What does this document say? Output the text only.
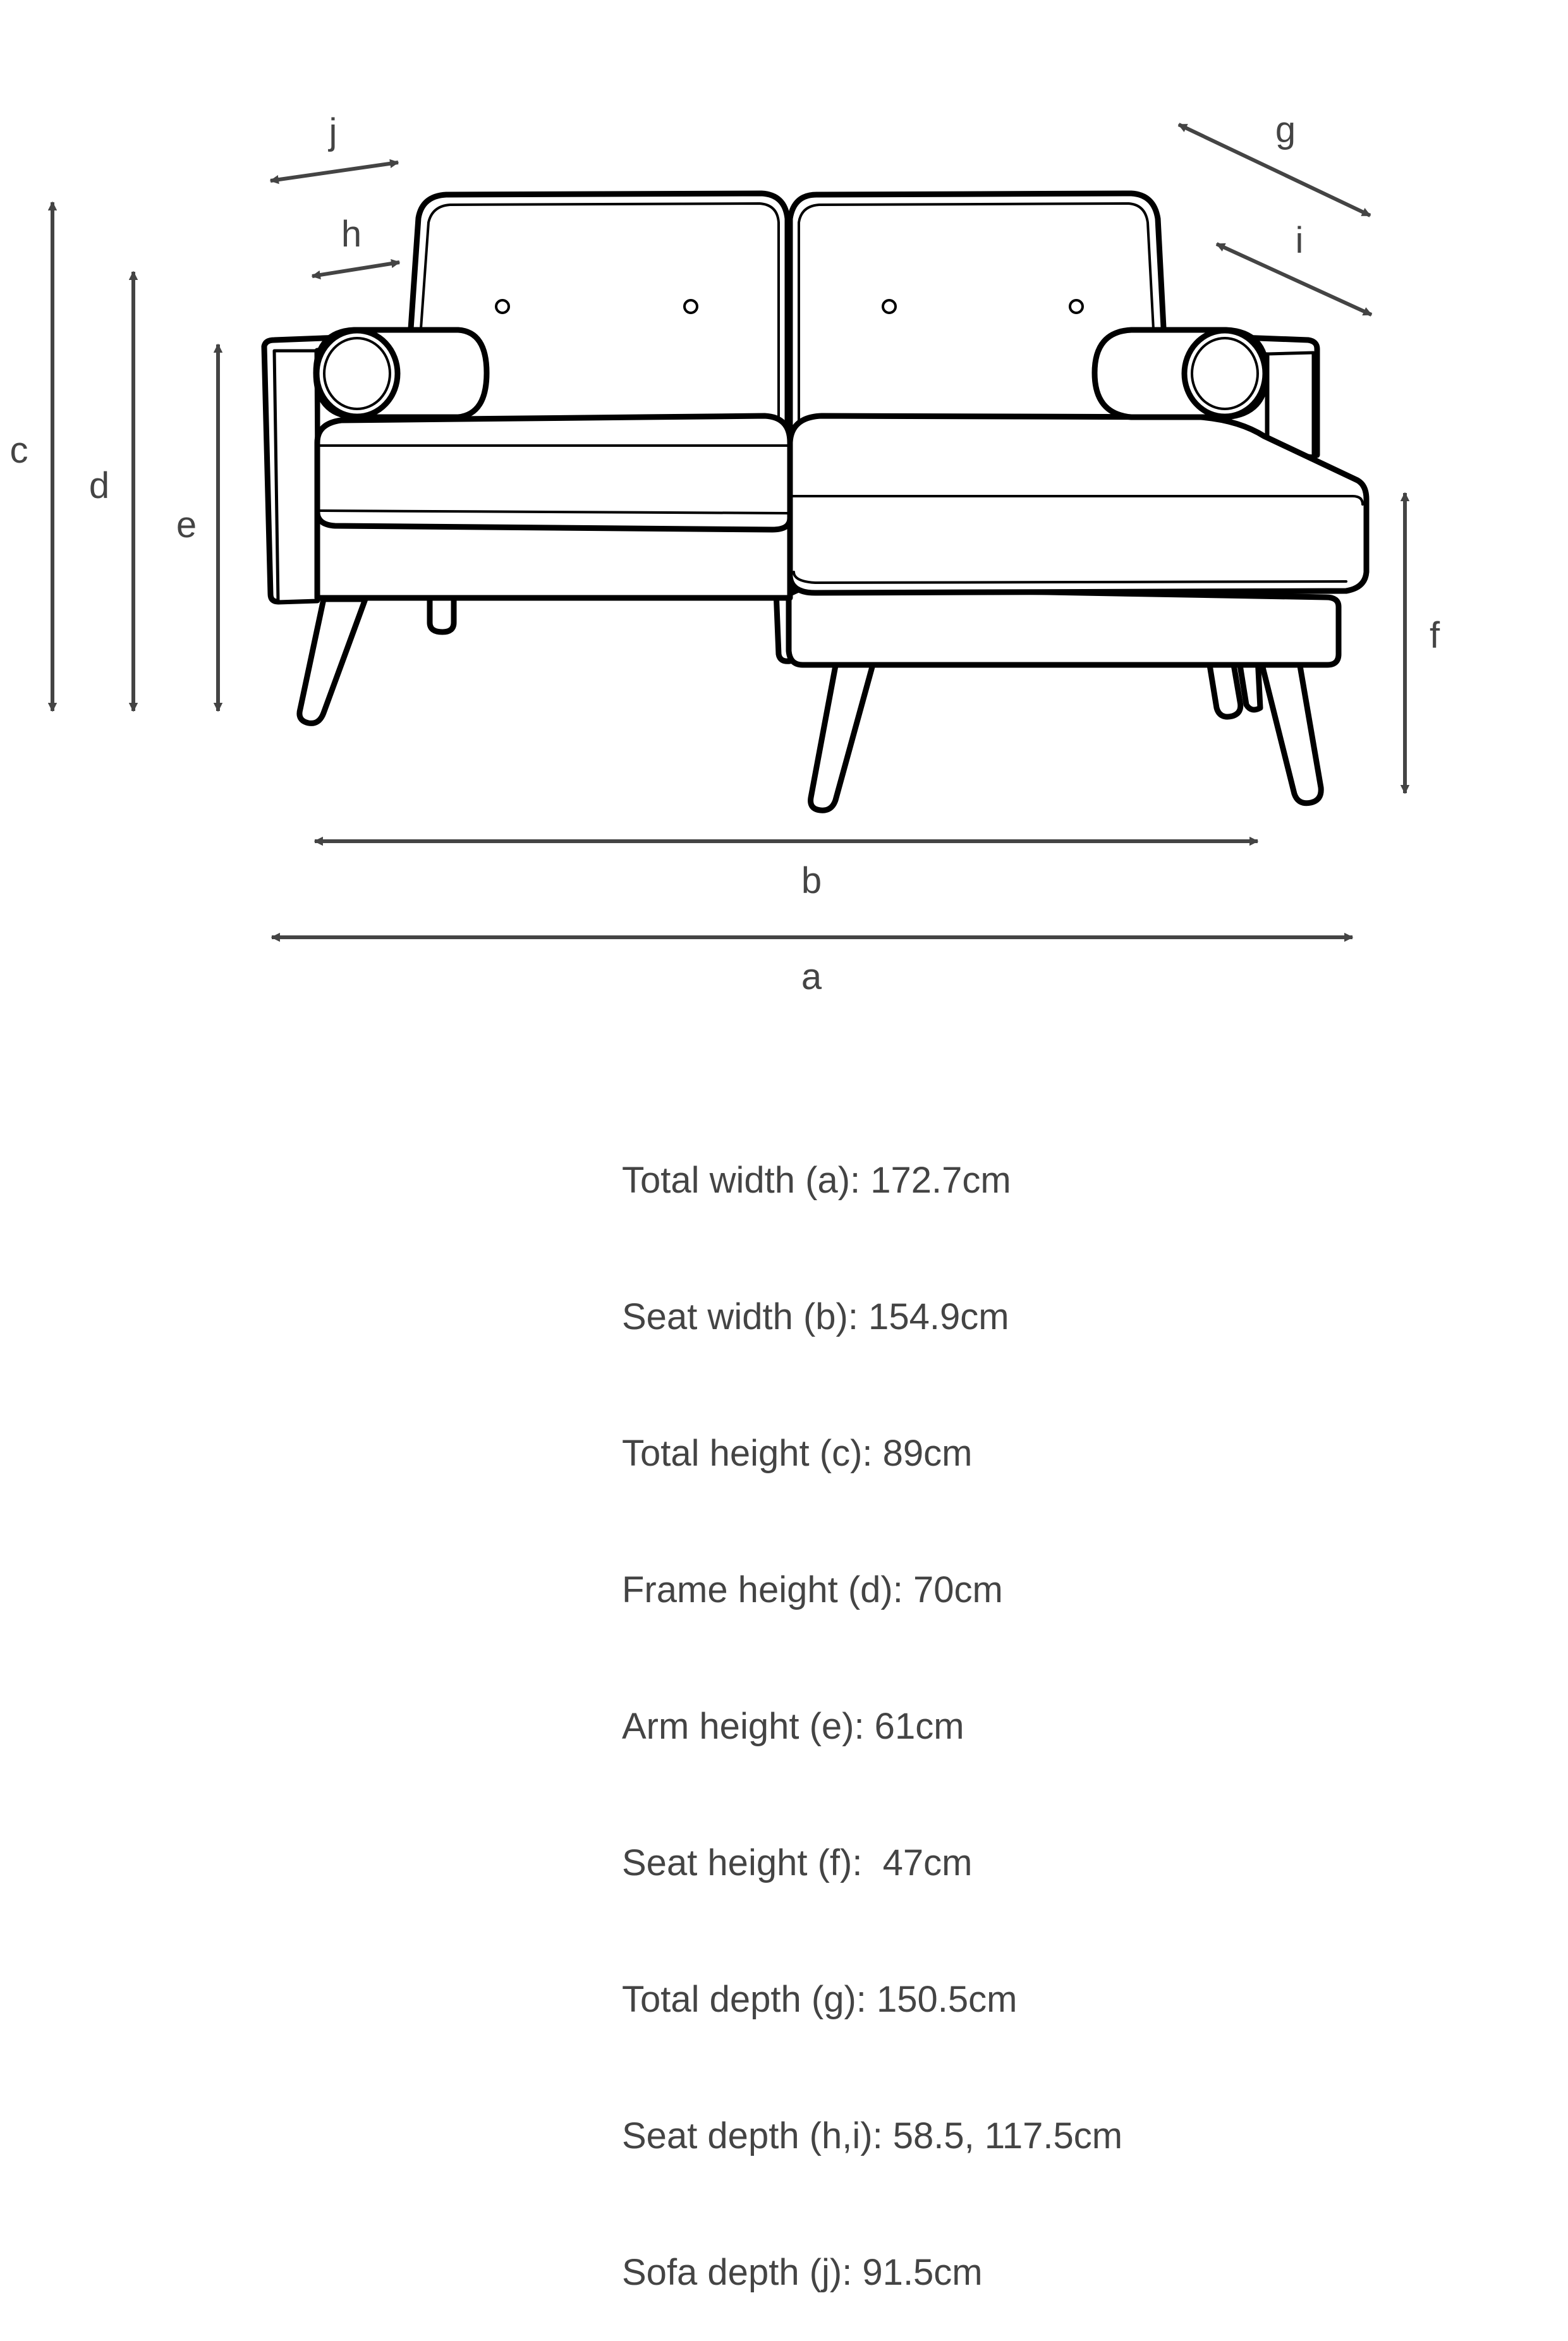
c
d
e
f
b
a
j
h
g
i

Total width (a): 172.7cm

Seat width (b): 154.9cm

Total height (c): 89cm

Frame height (d): 70cm

Arm height (e): 61cm

Seat height (f):  47cm

Total depth (g): 150.5cm

Seat depth (h,i): 58.5, 117.5cm

Sofa depth (j): 91.5cm
